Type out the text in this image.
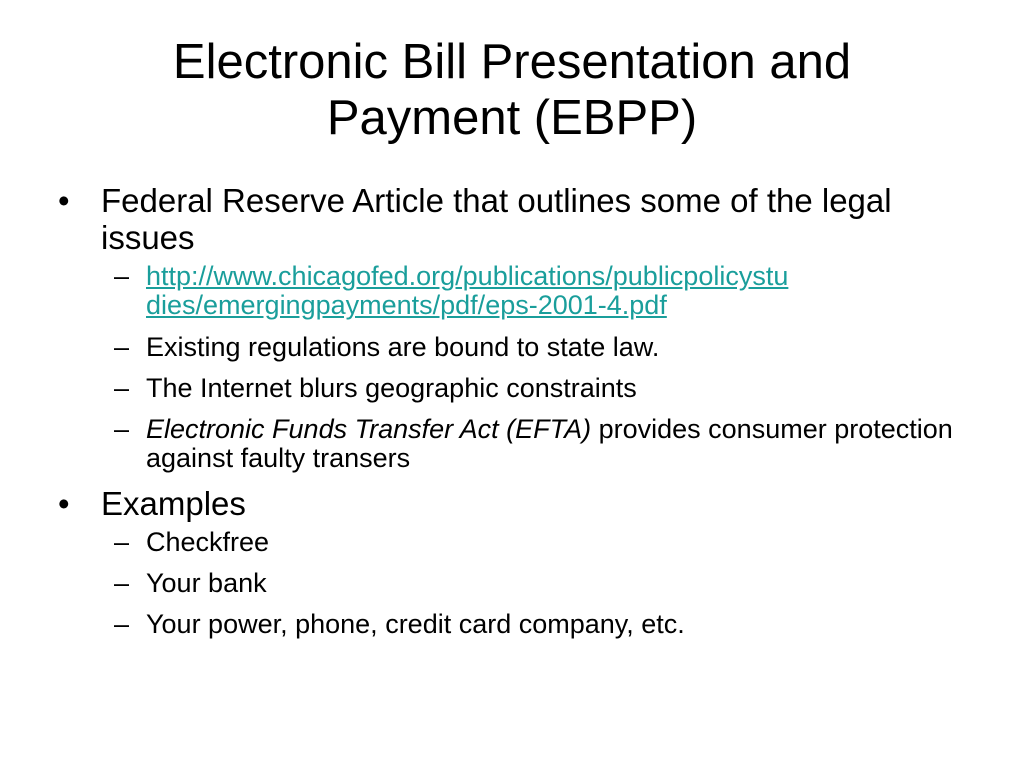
Electronic Bill Presentation and
Payment (EBPP)
• Federal Reserve Article that outlines some of the legal issues
– http://www.chicagofed.org/publications/publicpolicystu
dies/emergingpayments/pdf/eps-2001-4.pdf
– Existing regulations are bound to state law.
– The Internet blurs geographic constraints
– Electronic Funds Transfer Act (EFTA) provides consumer protection against faulty transers
• Examples
– Checkfree
– Your bank
– Your power, phone, credit card company, etc.
